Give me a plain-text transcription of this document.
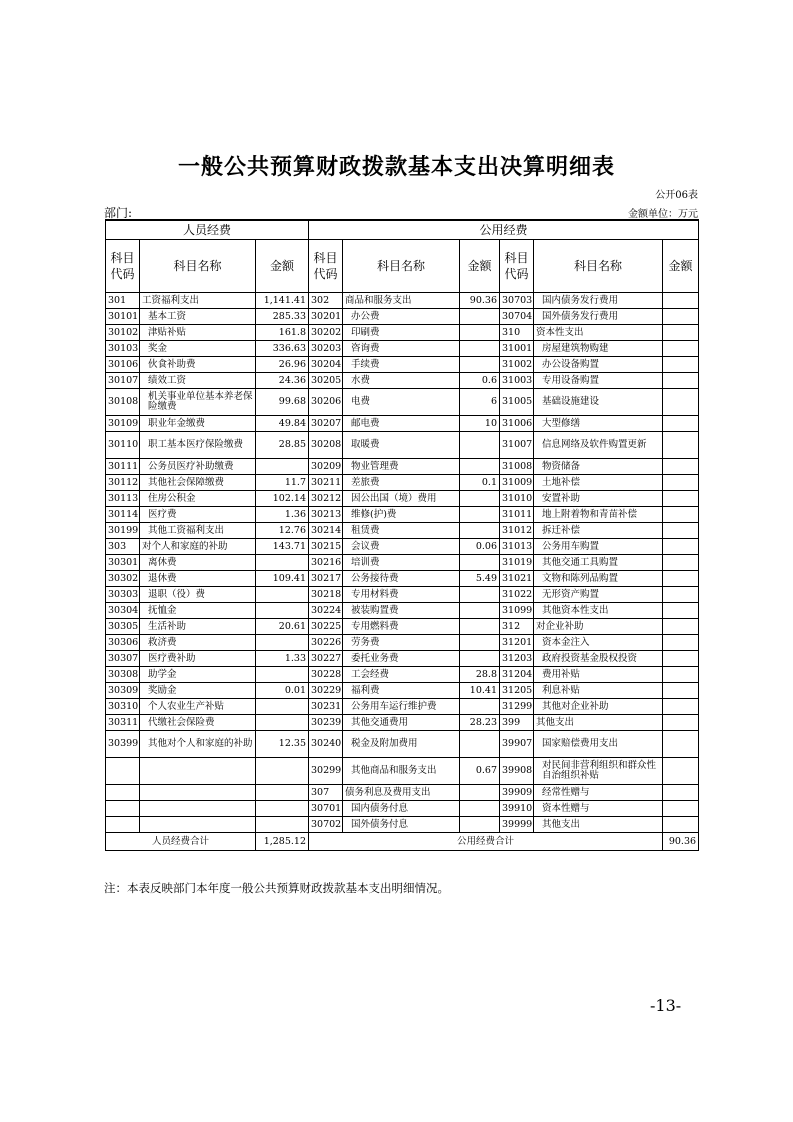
一般公共预算财政拨款基本支出决算明细表
公开06表
部门:	金额单位：万元
人员经费			公用经费					
科目代码	科目名称	金额	科目代码	科目名称	金额	科目代码	科目名称	金额
301	工资福利支出	1,141.41	302	商品和服务支出	90.36	30703	国内债务发行费用	
30101	基本工资	285.33	30201	办公费		30704	国外债务发行费用	
30102	津贴补贴	161.8	30202	印刷费		310	资本性支出	
30103	奖金	336.63	30203	咨询费		31001	房屋建筑物购建	
30106	伙食补助费	26.96	30204	手续费		31002	办公设备购置	
30107	绩效工资	24.36	30205	水费	0.6	31003	专用设备购置	
30108	机关事业单位基本养老保险缴费	99.68	30206	电费	6	31005	基础设施建设	
30109	职业年金缴费	49.84	30207	邮电费	10	31006	大型修缮	
30110	职工基本医疗保险缴费	28.85	30208	取暖费		31007	信息网络及软件购置更新	
30111	公务员医疗补助缴费		30209	物业管理费		31008	物资储备	
30112	其他社会保障缴费	11.7	30211	差旅费	0.1	31009	土地补偿	
30113	住房公积金	102.14	30212	因公出国（境）费用		31010	安置补助	
30114	医疗费	1.36	30213	维修(护)费		31011	地上附着物和青苗补偿	
30199	其他工资福利支出	12.76	30214	租赁费		31012	拆迁补偿	
303	对个人和家庭的补助	143.71	30215	会议费	0.06	31013	公务用车购置	
30301	离休费		30216	培训费		31019	其他交通工具购置	
30302	退休费	109.41	30217	公务接待费	5.49	31021	文物和陈列品购置	
30303	退职（役）费		30218	专用材料费		31022	无形资产购置	
30304	抚恤金		30224	被装购置费		31099	其他资本性支出	
30305	生活补助	20.61	30225	专用燃料费		312	对企业补助	
30306	救济费		30226	劳务费		31201	资本金注入	
30307	医疗费补助	1.33	30227	委托业务费		31203	政府投资基金股权投资	
30308	助学金		30228	工会经费	28.8	31204	费用补贴	
30309	奖励金	0.01	30229	福利费	10.41	31205	利息补贴	
30310	个人农业生产补贴		30231	公务用车运行维护费		31299	其他对企业补助	
30311	代缴社会保险费		30239	其他交通费用	28.23	399	其他支出	
30399	其他对个人和家庭的补助	12.35	30240	税金及附加费用		39907	国家赔偿费用支出	
			30299	其他商品和服务支出	0.67	39908	对民间非营利组织和群众性自治组织补贴	
			307	债务利息及费用支出		39909	经常性赠与	
			30701	国内债务付息		39910	资本性赠与	
			30702	国外债务付息		39999	其他支出	
人员经费合计		1,285.12	公用经费合计					90.36
注：本表反映部门本年度一般公共预算财政拨款基本支出明细情况。
-13-
